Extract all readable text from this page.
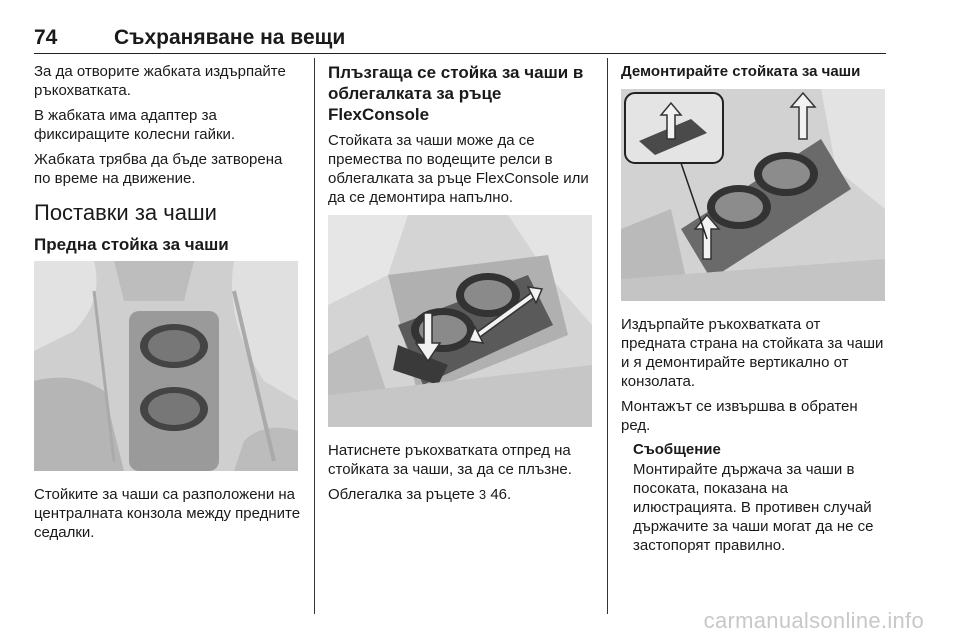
74	Съхраняване на вещи

За да отворите жабката издърпайте ръкохватката.

В жабката има адаптер за фиксиращите колесни гайки.

Жабката трябва да бъде затворена по време на движение.

Поставки за чаши
Предна стойка за чаши

Стойките за чаши са разположени на централната конзола между предните седалки.

Плъзгаща се стойка за чаши в облегалката за ръце FlexConsole

Стойката за чаши може да се премества по водещите релси в облегалката за ръце FlexConsole или да се демонтира напълно.

Натиснете ръкохватката отпред на стойката за чаши, за да се плъзне.

Облегалка за ръцете 3 46.

Демонтирайте стойката за чаши

Издърпайте ръкохватката от предната страна на стойката за чаши и я демонтирайте вертикално от конзолата.

Монтажът се извършва в обратен ред.

Съобщение

Монтирайте държача за чаши в посоката, показана на илюстрацията. В противен случай държачите за чаши могат да не се застопорят правилно.

carmanualsonline.info
